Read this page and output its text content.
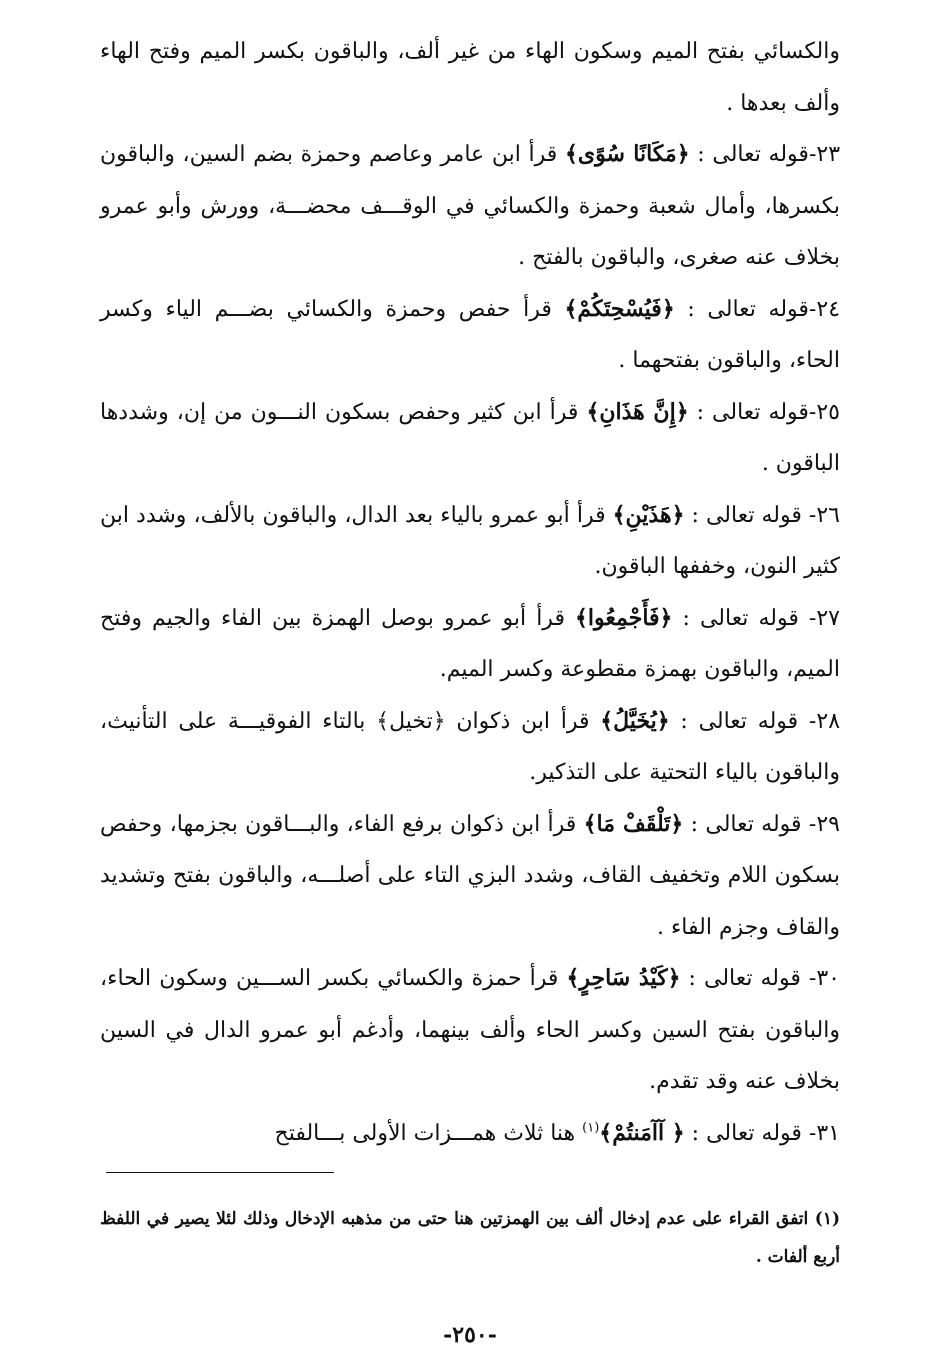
والكسائي بفتح الميم وسكون الهاء من غير ألف، والباقون بكسر الميم وفتح الهاء وألف بعدها .

٢٣-قوله تعالى : ﴿مَكَانًا سُوًى﴾ قرأ ابن عامر وعاصم وحمزة بضم السين، والباقون بكسرها، وأمال شعبة وحمزة والكسائي في الوقـــف محضـــة، وورش وأبو عمرو بخلاف عنه صغرى، والباقون بالفتح .

٢٤-قوله تعالى : ﴿فَيُسْحِتَكُمْ﴾ قرأ حفص وحمزة والكسائي بضـــم الياء وكسر الحاء، والباقون بفتحهما .

٢٥-قوله تعالى : ﴿إِنَّ هَذَانِ﴾ قرأ ابن كثير وحفص بسكون النـــون من إن، وشددها الباقون .

٢٦- قوله تعالى : ﴿هَذَيْنِ﴾ قرأ أبو عمرو بالياء بعد الدال، والباقون بالألف، وشدد ابن كثير النون، وخففها الباقون.

٢٧- قوله تعالى : ﴿فَأَجْمِعُوا﴾ قرأ أبو عمرو بوصل الهمزة بين الفاء والجيم وفتح الميم، والباقون بهمزة مقطوعة وكسر الميم.

٢٨- قوله تعالى : ﴿يُخَيَّلُ﴾ قرأ ابن ذكوان ﴿تخيل﴾ بالتاء الفوقيـــة على التأنيث، والباقون بالياء التحتية على التذكير.

٢٩- قوله تعالى : ﴿تَلْقَفْ مَا﴾ قرأ ابن ذكوان برفع الفاء، والبـــاقون بجزمها، وحفص بسكون اللام وتخفيف القاف، وشدد البزي التاء على أصلـــه، والباقون بفتح وتشديد والقاف وجزم الفاء .

٣٠- قوله تعالى : ﴿كَيْدُ سَاحِرٍ﴾ قرأ حمزة والكسائي بكسر الســـين وسكون الحاء، والباقون بفتح السين وكسر الحاء وألف بينهما، وأدغم أبو عمرو الدال في السين بخلاف عنه وقد تقدم.

٣١- قوله تعالى : ﴿ آآمَنتُمْ﴾$^{(١)}$ هنا ثلاث همـــزات الأولى بـــالفتح

(١) اتفق القراء على عدم إدخال ألف بين الهمزتين هنا حتى من مذهبه الإدخال وذلك لئلا يصير في اللفظ أربع ألفات .
-٢٥٠-
